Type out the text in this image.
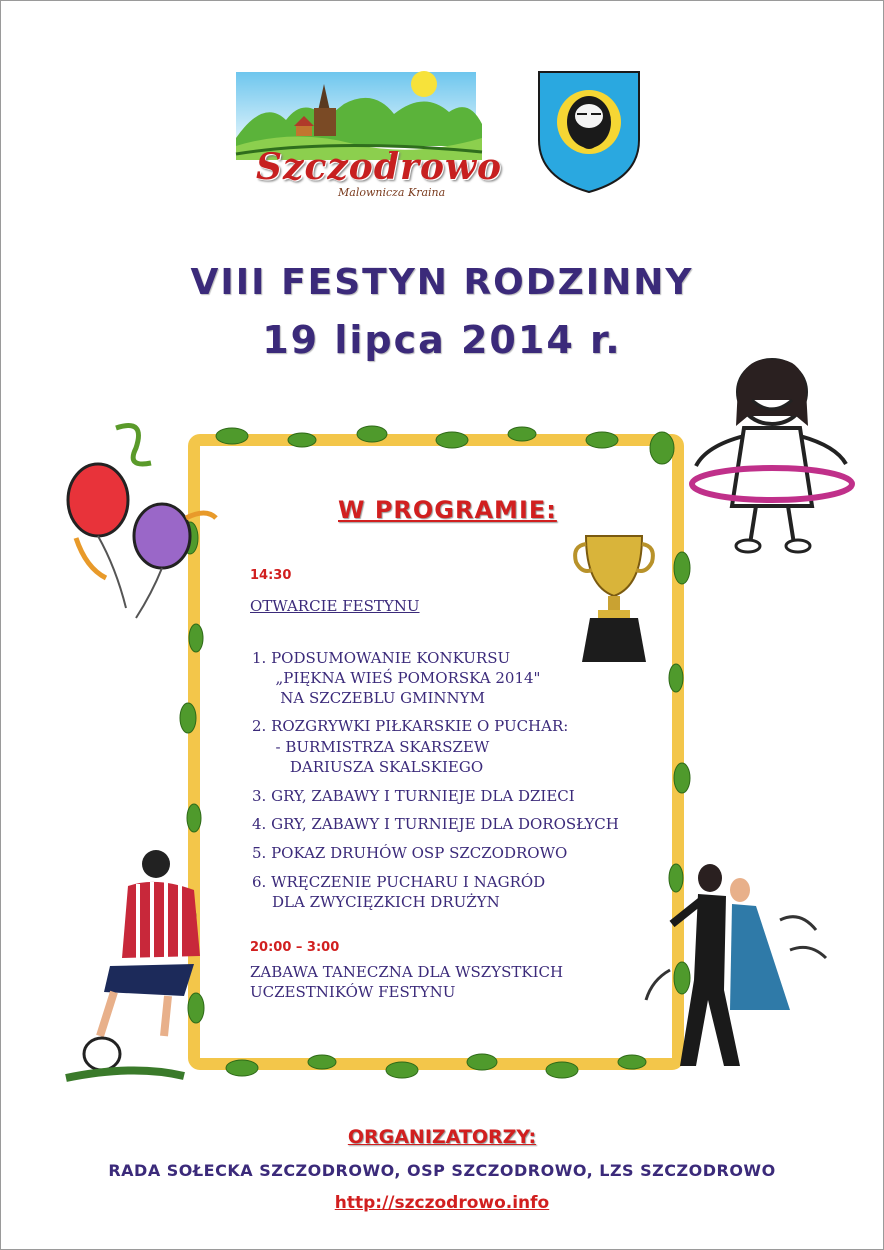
Szczodrowo
Malownicza Kraina
VIII FESTYN RODZINNY
19 lipca 2014 r.
W PROGRAMIE:
14:30
OTWARCIE FESTYNU
1. PODSUMOWANIE KONKURSU
„PIĘKNA WIEŚ POMORSKA 2014"
NA SZCZEBLU GMINNYM
2. ROZGRYWKI PIŁKARSKIE O PUCHAR:
- BURMISTRZA SKARSZEW
DARIUSZA SKALSKIEGO
3. GRY, ZABAWY I TURNIEJE DLA DZIECI
4. GRY, ZABAWY I TURNIEJE DLA DOROSŁYCH
5. POKAZ DRUHÓW OSP SZCZODROWO
6. WRĘCZENIE PUCHARU I NAGRÓD
DLA ZWYCIĘZKICH DRUŻYN
20:00 – 3:00
ZABAWA TANECZNA DLA WSZYSTKICH
UCZESTNIKÓW FESTYNU
ORGANIZATORZY:
RADA SOŁECKA SZCZODROWO, OSP SZCZODROWO, LZS SZCZODROWO
http://szczodrowo.info
